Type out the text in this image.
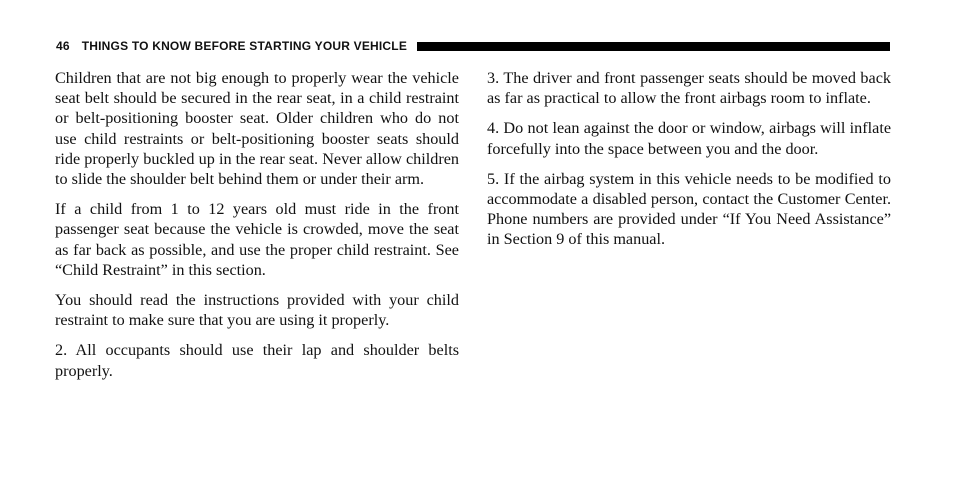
46 THINGS TO KNOW BEFORE STARTING YOUR VEHICLE

Children that are not big enough to properly wear the vehicle seat belt should be secured in the rear seat, in a child restraint or belt-positioning booster seat. Older children who do not use child restraints or belt-positioning booster seats should ride properly buckled up in the rear seat. Never allow children to slide the shoulder belt behind them or under their arm.

If a child from 1 to 12 years old must ride in the front passenger seat because the vehicle is crowded, move the seat as far back as possible, and use the proper child restraint. See “Child Restraint” in this section.

You should read the instructions provided with your child restraint to make sure that you are using it properly.

2. All occupants should use their lap and shoulder belts properly.

3. The driver and front passenger seats should be moved back as far as practical to allow the front airbags room to inflate.

4. Do not lean against the door or window, airbags will inflate forcefully into the space between you and the door.

5. If the airbag system in this vehicle needs to be modified to accommodate a disabled person, contact the Customer Center. Phone numbers are provided under “If You Need Assistance” in Section 9 of this manual.
